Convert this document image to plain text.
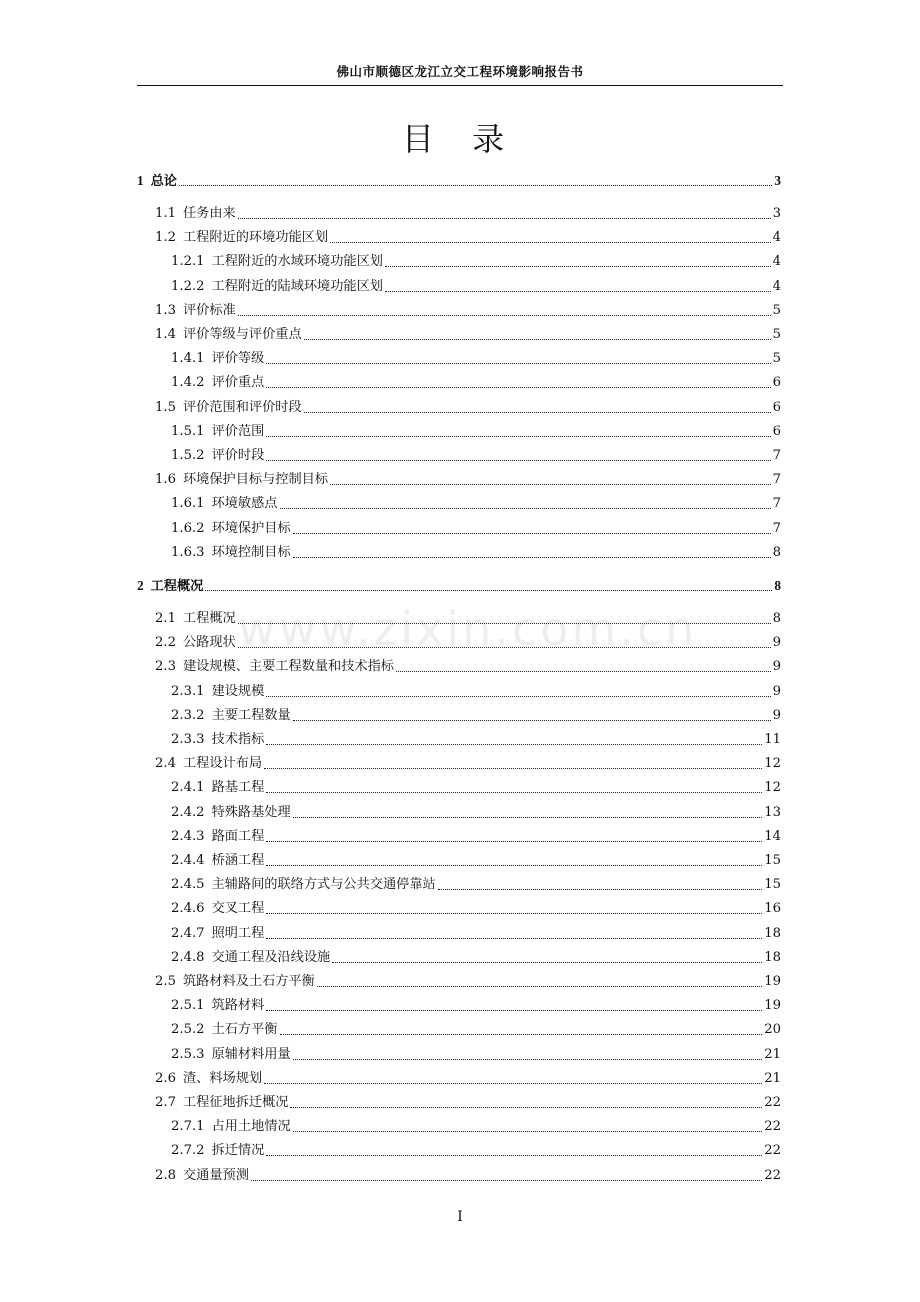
佛山市顺德区龙江立交工程环境影响报告书
目 录
www.zixin.com.cn
1 总论	3
1.1 任务由来	3
1.2 工程附近的环境功能区划	4
1.2.1 工程附近的水域环境功能区划	4
1.2.2 工程附近的陆域环境功能区划	4
1.3 评价标准	5
1.4 评价等级与评价重点	5
1.4.1 评价等级	5
1.4.2 评价重点	6
1.5 评价范围和评价时段	6
1.5.1 评价范围	6
1.5.2 评价时段	7
1.6 环境保护目标与控制目标	7
1.6.1 环境敏感点	7
1.6.2 环境保护目标	7
1.6.3 环境控制目标	8
2 工程概况	8
2.1 工程概况	8
2.2 公路现状	9
2.3 建设规模、主要工程数量和技术指标	9
2.3.1 建设规模	9
2.3.2 主要工程数量	9
2.3.3 技术指标	11
2.4 工程设计布局	12
2.4.1 路基工程	12
2.4.2 特殊路基处理	13
2.4.3 路面工程	14
2.4.4 桥涵工程	15
2.4.5 主辅路间的联络方式与公共交通停靠站	15
2.4.6 交叉工程	16
2.4.7 照明工程	18
2.4.8 交通工程及沿线设施	18
2.5 筑路材料及土石方平衡	19
2.5.1 筑路材料	19
2.5.2 土石方平衡	20
2.5.3 原辅材料用量	21
2.6 渣、料场规划	21
2.7 工程征地拆迁概况	22
2.7.1 占用土地情况	22
2.7.2 拆迁情况	22
2.8 交通量预测	22
I
